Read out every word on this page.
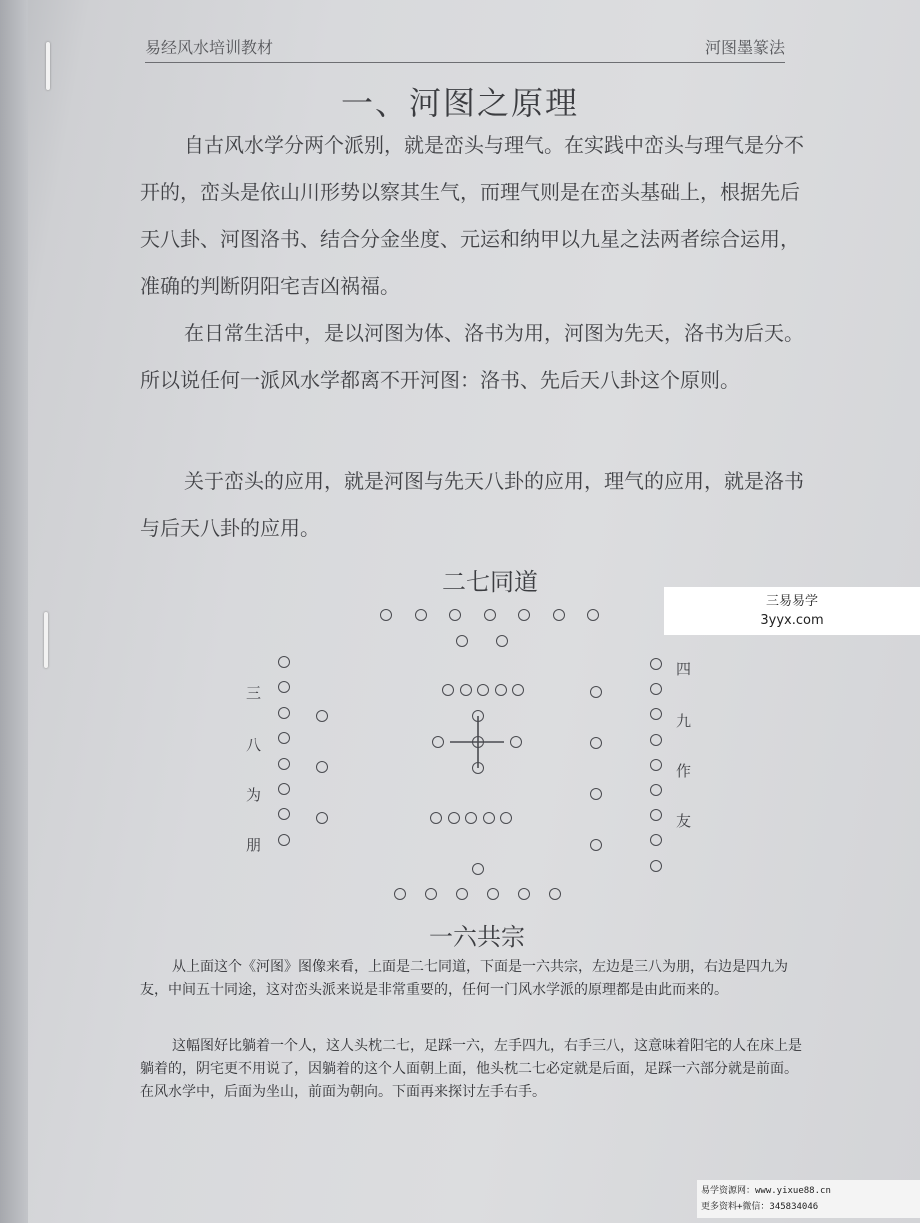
易经风水培训教材	河图墨篆法
一、河图之原理

自古风水学分两个派别，就是峦头与理气。在实践中峦头与理气是分不开的，峦头是依山川形势以察其生气，而理气则是在峦头基础上，根据先后天八卦、河图洛书、结合分金坐度、元运和纳甲以九星之法两者综合运用，准确的判断阴阳宅吉凶祸福。

在日常生活中，是以河图为体、洛书为用，河图为先天，洛书为后天。所以说任何一派风水学都离不开河图：洛书、先后天八卦这个原则。

关于峦头的应用，就是河图与先天八卦的应用，理气的应用，就是洛书与后天八卦的应用。

二七同道
三
八
为
朋
四
九
作
友
一六共宗

从上面这个《河图》图像来看，上面是二七同道，下面是一六共宗，左边是三八为朋，右边是四九为友，中间五十同途，这对峦头派来说是非常重要的，任何一门风水学派的原理都是由此而来的。

这幅图好比躺着一个人，这人头枕二七，足踩一六，左手四九，右手三八，这意味着阳宅的人在床上是躺着的，阴宅更不用说了，因躺着的这个人面朝上面，他头枕二七必定就是后面，足踩一六部分就是前面。在风水学中，后面为坐山，前面为朝向。下面再来探讨左手右手。

三易易学
3yyx.com
易学资源网：www.yixue88.cn
更多资料+微信：345834046
